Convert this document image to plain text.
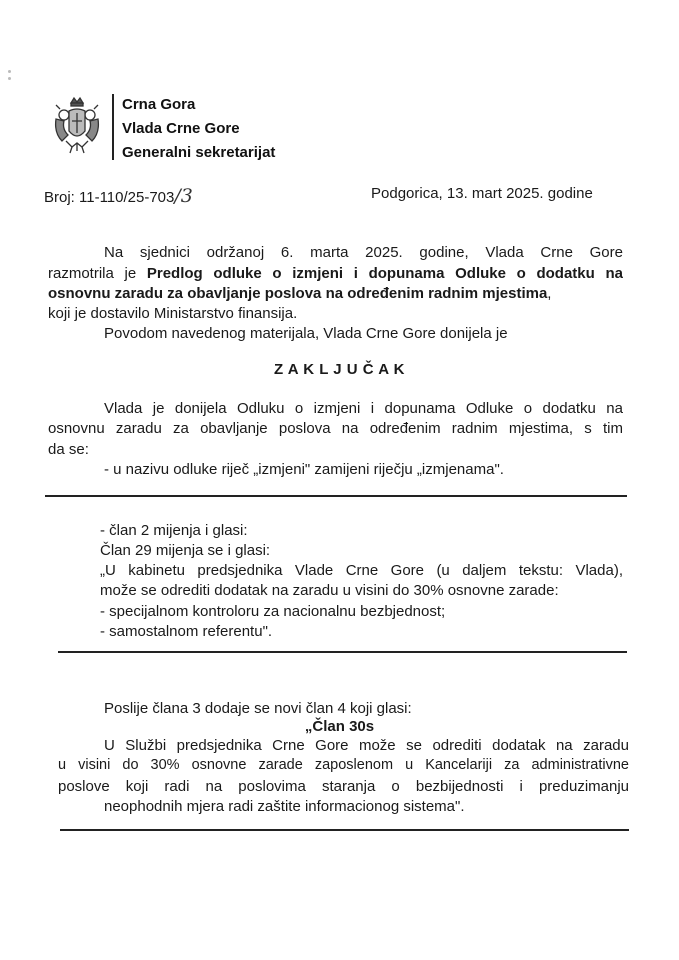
Crna Gora
Vlada Crne Gore
Generalni sekretarijat
Broj: 11-110/25-703/3	Podgorica, 13. mart 2025. godine
Na sjednici održanoj 6. marta 2025. godine, Vlada Crne Gore
razmotrila je Predlog odluke o izmjeni i dopunama Odluke o dodatku na
osnovnu zaradu za obavljanje poslova na određenim radnim mjestima,
koji je dostavilo Ministarstvo finansija.
Povodom navedenog materijala, Vlada Crne Gore donijela je
Z A K L J U Č A K
Vlada je donijela Odluku o izmjeni i dopunama Odluke o dodatku na
osnovnu zaradu za obavljanje poslova na određenim radnim mjestima, s tim
da se:
- u nazivu odluke riječ „izmjeni" zamijeni riječju „izmjenama".
- član 2 mijenja i glasi:
Član 29 mijenja se i glasi:
„U kabinetu predsjednika Vlade Crne Gore (u daljem tekstu: Vlada),
može se odrediti dodatak na zaradu u visini do 30% osnovne zarade:
- specijalnom kontroloru za nacionalnu bezbjednost;
- samostalnom referentu".
Poslije člana 3 dodaje se novi član 4 koji glasi:
„Član 30s
U Službi predsjednika Crne Gore može se odrediti dodatak na zaradu
u visini do 30% osnovne zarade zaposlenom u Kancelariji za administrativne
poslove koji radi na poslovima staranja o bezbijednosti i preduzimanju
neophodnih mjera radi zaštite informacionog sistema".
